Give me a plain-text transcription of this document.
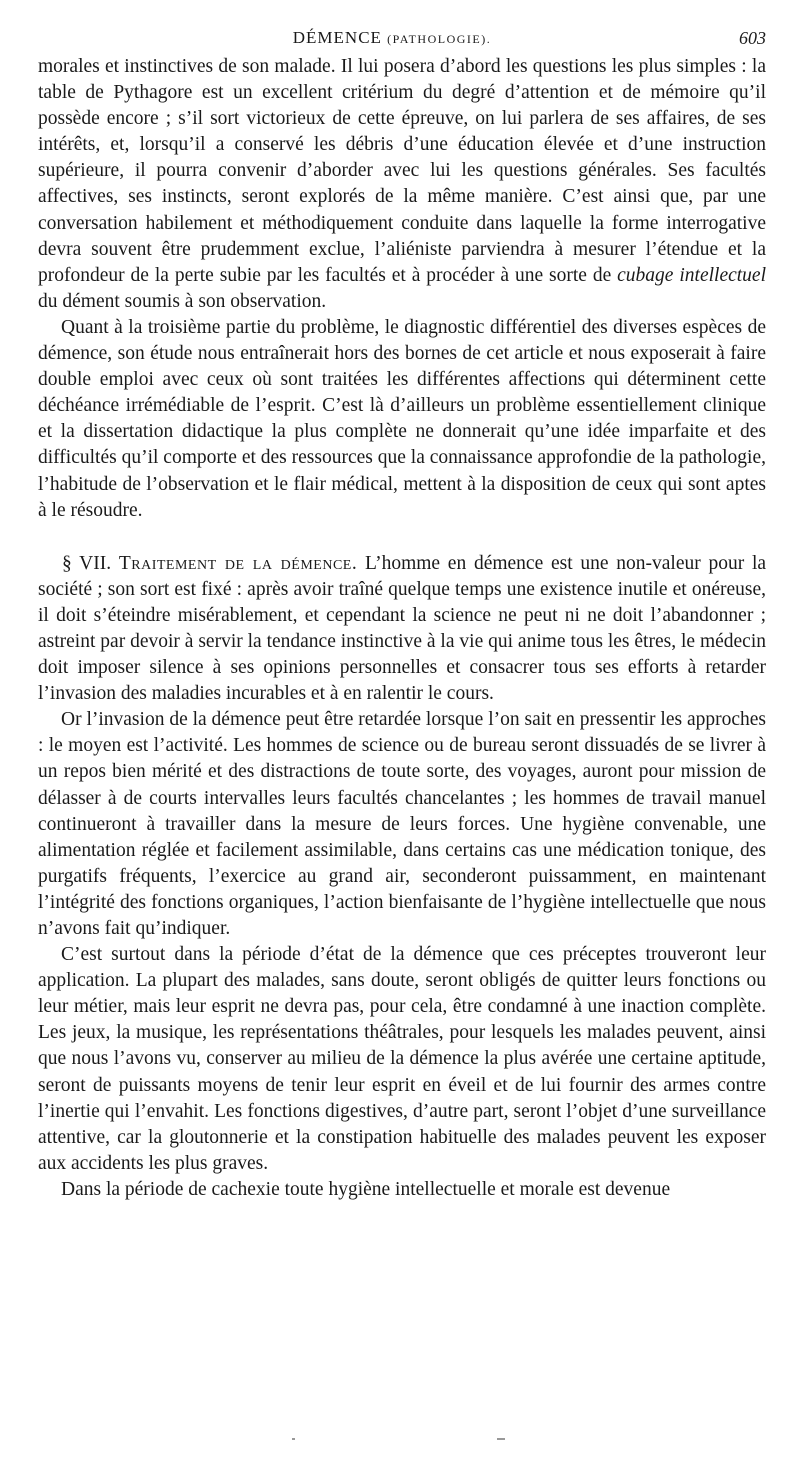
DÉMENCE (PATHOLOGIE).	603

morales et instinctives de son malade. Il lui posera d’abord les questions les plus simples : la table de Pythagore est un excellent critérium du degré d’attention et de mémoire qu’il possède encore ; s’il sort victorieux de cette épreuve, on lui parlera de ses affaires, de ses intérêts, et, lorsqu’il a conservé les débris d’une éducation élevée et d’une instruction supérieure, il pourra convenir d’aborder avec lui les questions générales. Ses facultés affectives, ses instincts, seront explorés de la même manière. C’est ainsi que, par une conversation habilement et méthodiquement conduite dans laquelle la forme interrogative devra souvent être prudemment exclue, l’aliéniste parviendra à mesurer l’étendue et la profondeur de la perte subie par les facultés et à procéder à une sorte de cubage intellectuel du dément soumis à son observation.

Quant à la troisième partie du problème, le diagnostic différentiel des diverses espèces de démence, son étude nous entraînerait hors des bornes de cet article et nous exposerait à faire double emploi avec ceux où sont traitées les différentes affections qui déterminent cette déchéance irrémédiable de l’esprit. C’est là d’ailleurs un problème essentiellement clinique et la dissertation didactique la plus complète ne donnerait qu’une idée imparfaite et des difficultés qu’il comporte et des ressources que la connaissance approfondie de la pathologie, l’habitude de l’observation et le flair médical, mettent à la disposition de ceux qui sont aptes à le résoudre.

§ VII. Traitement de la démence. L’homme en démence est une non-valeur pour la société ; son sort est fixé : après avoir traîné quelque temps une existence inutile et onéreuse, il doit s’éteindre misérablement, et cependant la science ne peut ni ne doit l’abandonner ; astreint par devoir à servir la tendance instinctive à la vie qui anime tous les êtres, le médecin doit imposer silence à ses opinions personnelles et consacrer tous ses efforts à retarder l’invasion des maladies incurables et à en ralentir le cours.

Or l’invasion de la démence peut être retardée lorsque l’on sait en pressentir les approches : le moyen est l’activité. Les hommes de science ou de bureau seront dissuadés de se livrer à un repos bien mérité et des distractions de toute sorte, des voyages, auront pour mission de délasser à de courts intervalles leurs facultés chancelantes ; les hommes de travail manuel continueront à travailler dans la mesure de leurs forces. Une hygiène convenable, une alimentation réglée et facilement assimilable, dans certains cas une médication tonique, des purgatifs fréquents, l’exercice au grand air, seconderont puissamment, en maintenant l’intégrité des fonctions organiques, l’action bienfaisante de l’hygiène intellectuelle que nous n’avons fait qu’indiquer.

C’est surtout dans la période d’état de la démence que ces préceptes trouveront leur application. La plupart des malades, sans doute, seront obligés de quitter leurs fonctions ou leur métier, mais leur esprit ne devra pas, pour cela, être condamné à une inaction complète. Les jeux, la musique, les représentations théâtrales, pour lesquels les malades peuvent, ainsi que nous l’avons vu, conserver au milieu de la démence la plus avérée une certaine aptitude, seront de puissants moyens de tenir leur esprit en éveil et de lui fournir des armes contre l’inertie qui l’envahit. Les fonctions digestives, d’autre part, seront l’objet d’une surveillance attentive, car la gloutonnerie et la constipation habituelle des malades peuvent les exposer aux accidents les plus graves.

Dans la période de cachexie toute hygiène intellectuelle et morale est devenue
